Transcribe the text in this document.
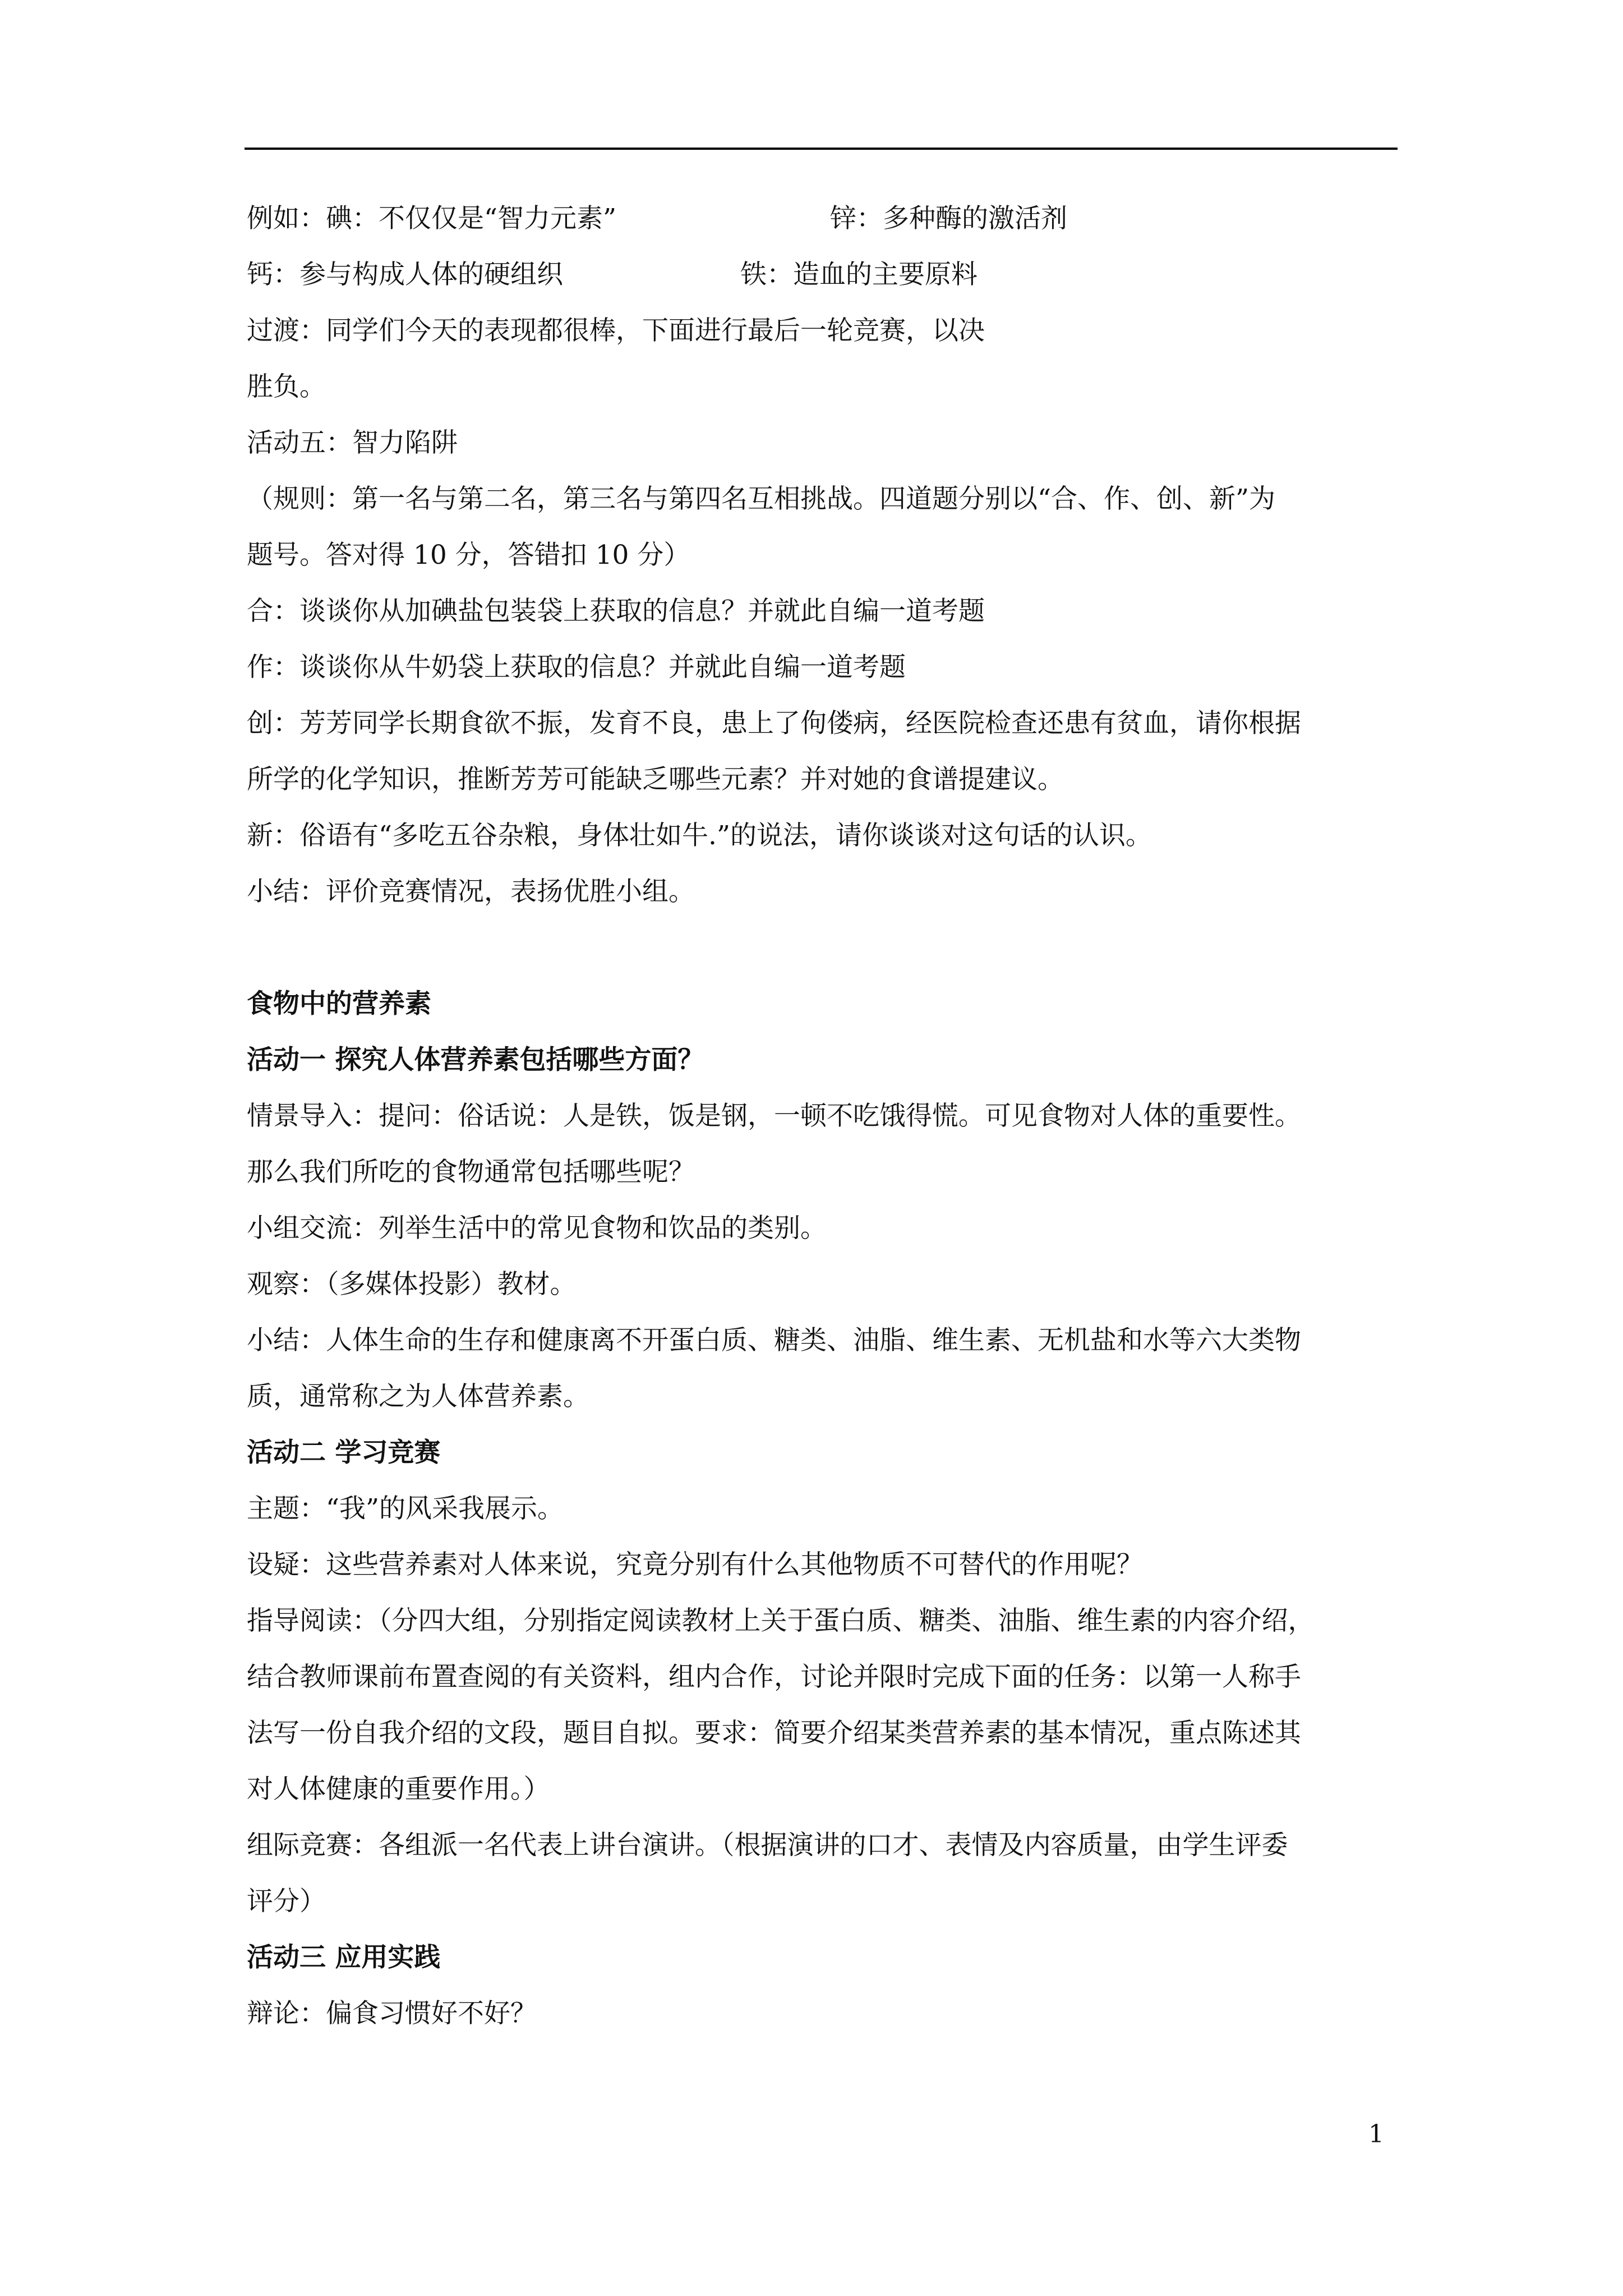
例如：碘：不仅仅是“智力元素”	锌：多种酶的激活剂
钙：参与构成人体的硬组织	铁：造血的主要原料

过渡：同学们今天的表现都很棒，下面进行最后一轮竞赛，以决

胜负。

活动五：智力陷阱

（规则：第一名与第二名，第三名与第四名互相挑战。四道题分别以“合、作、创、新”为

题号。答对得 10 分，答错扣 10 分）

合：谈谈你从加碘盐包装袋上获取的信息？并就此自编一道考题

作：谈谈你从牛奶袋上获取的信息？并就此自编一道考题

创：芳芳同学长期食欲不振，发育不良，患上了佝偻病，经医院检查还患有贫血，请你根据

所学的化学知识，推断芳芳可能缺乏哪些元素？并对她的食谱提建议。

新：俗语有“多吃五谷杂粮，身体壮如牛.”的说法，请你谈谈对这句话的认识。

小结：评价竞赛情况，表扬优胜小组。

食物中的营养素

活动一 探究人体营养素包括哪些方面？

情景导入：提问：俗话说：人是铁，饭是钢，一顿不吃饿得慌。可见食物对人体的重要性。

那么我们所吃的食物通常包括哪些呢？

小组交流：列举生活中的常见食物和饮品的类别。

观察：（多媒体投影）教材。

小结：人体生命的生存和健康离不开蛋白质、糖类、油脂、维生素、无机盐和水等六大类物

质，通常称之为人体营养素。

活动二 学习竞赛

主题：“我”的风采我展示。

设疑：这些营养素对人体来说，究竟分别有什么其他物质不可替代的作用呢？

指导阅读：（分四大组，分别指定阅读教材上关于蛋白质、糖类、油脂、维生素的内容介绍，

结合教师课前布置查阅的有关资料，组内合作，讨论并限时完成下面的任务：以第一人称手

法写一份自我介绍的文段，题目自拟。要求：简要介绍某类营养素的基本情况，重点陈述其

对人体健康的重要作用。）

组际竞赛：各组派一名代表上讲台演讲。（根据演讲的口才、表情及内容质量，由学生评委

评分）

活动三 应用实践

辩论：偏食习惯好不好？

1
